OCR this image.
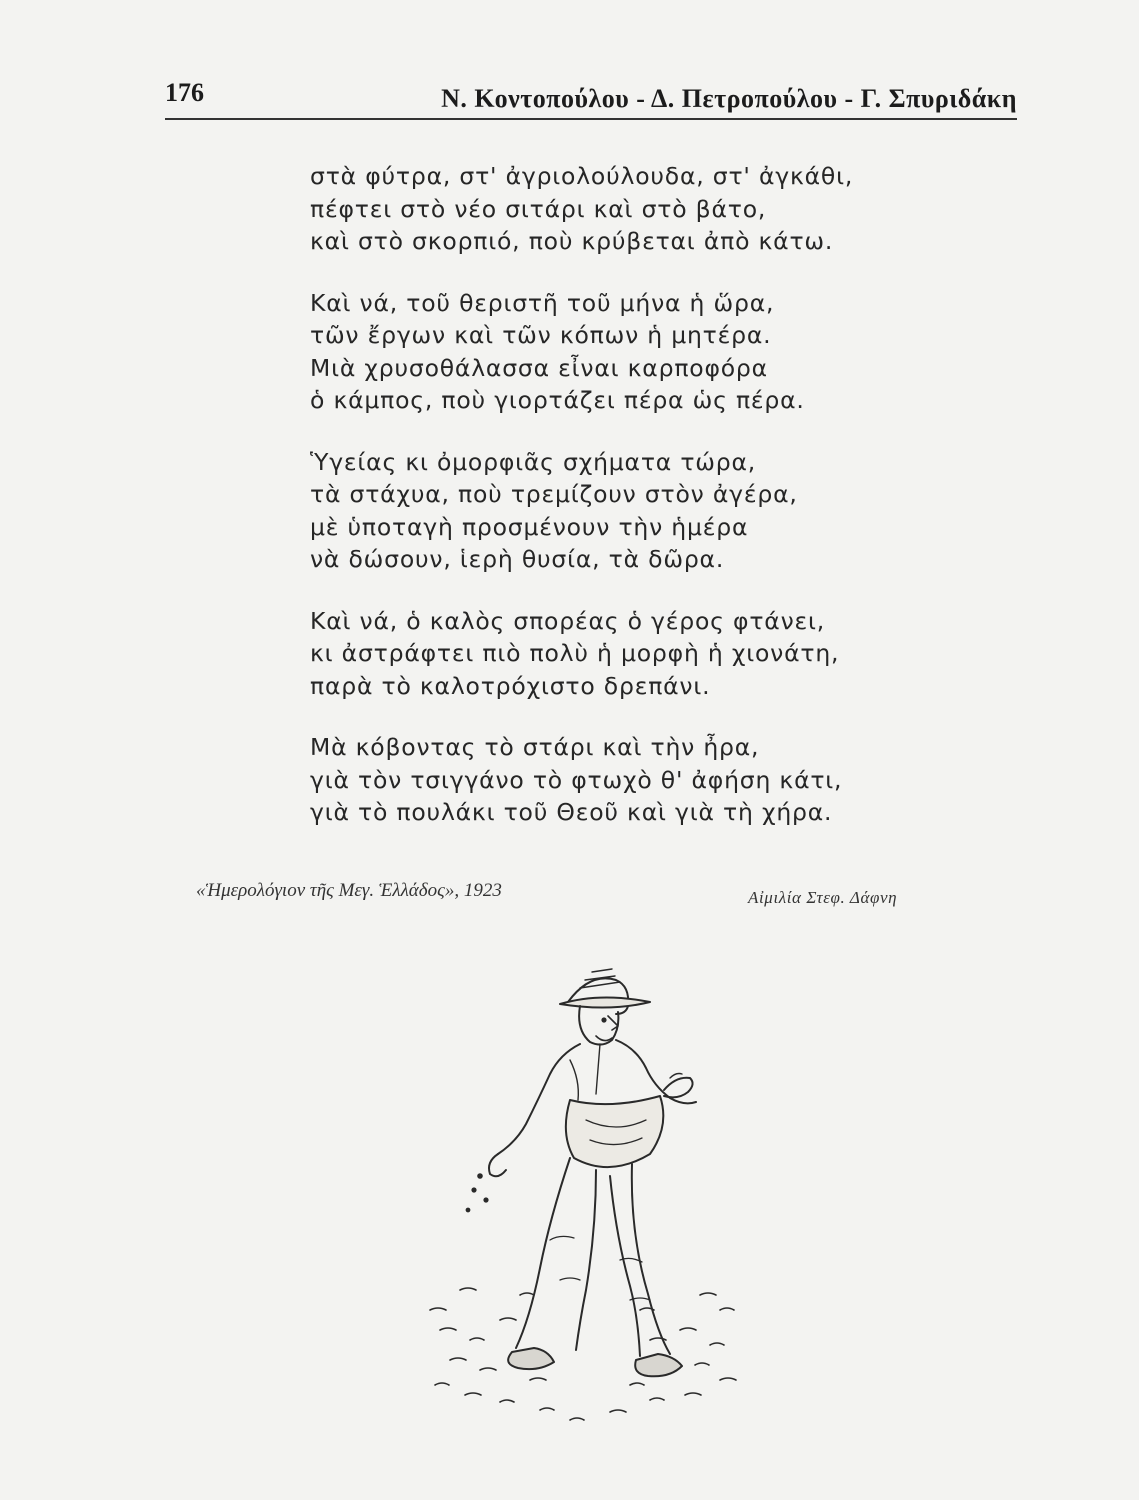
176	Ν. Κοντοπούλου - Δ. Πετροπούλου - Γ. Σπυριδάκη
στὰ φύτρα, στ' ἀγριολούλουδα, στ' ἀγκάθι,
πέφτει στὸ νέο σιτάρι καὶ στὸ βάτο,
καὶ στὸ σκορπιό, ποὺ κρύβεται ἀπὸ κάτω.
Καὶ νά, τοῦ θεριστῆ τοῦ μήνα ἡ ὥρα,
τῶν ἔργων καὶ τῶν κόπων ἡ μητέρα.
Μιὰ χρυσοθάλασσα εἶναι καρποφόρα
ὁ κάμπος, ποὺ γιορτάζει πέρα ὡς πέρα.
Ὑγείας κι ὀμορφιᾶς σχήματα τώρα,
τὰ στάχυα, ποὺ τρεμίζουν στὸν ἀγέρα,
μὲ ὑποταγὴ προσμένουν τὴν ἡμέρα
νὰ δώσουν, ἱερὴ θυσία, τὰ δῶρα.
Καὶ νά, ὁ καλὸς σπορέας ὁ γέρος φτάνει,
κι ἀστράφτει πιὸ πολὺ ἡ μορφὴ ἡ χιονάτη,
παρὰ τὸ καλοτρόχιστο δρεπάνι.
Μὰ κόβοντας τὸ στάρι καὶ τὴν ἦρα,
γιὰ τὸν τσιγγάνο τὸ φτωχὸ θ' ἀφήση κάτι,
γιὰ τὸ πουλάκι τοῦ Θεοῦ καὶ γιὰ τὴ χήρα.
«Ἡμερολόγιον τῆς Μεγ. Ἑλλάδος», 1923	Αἰμιλία Στεφ. Δάφνη
